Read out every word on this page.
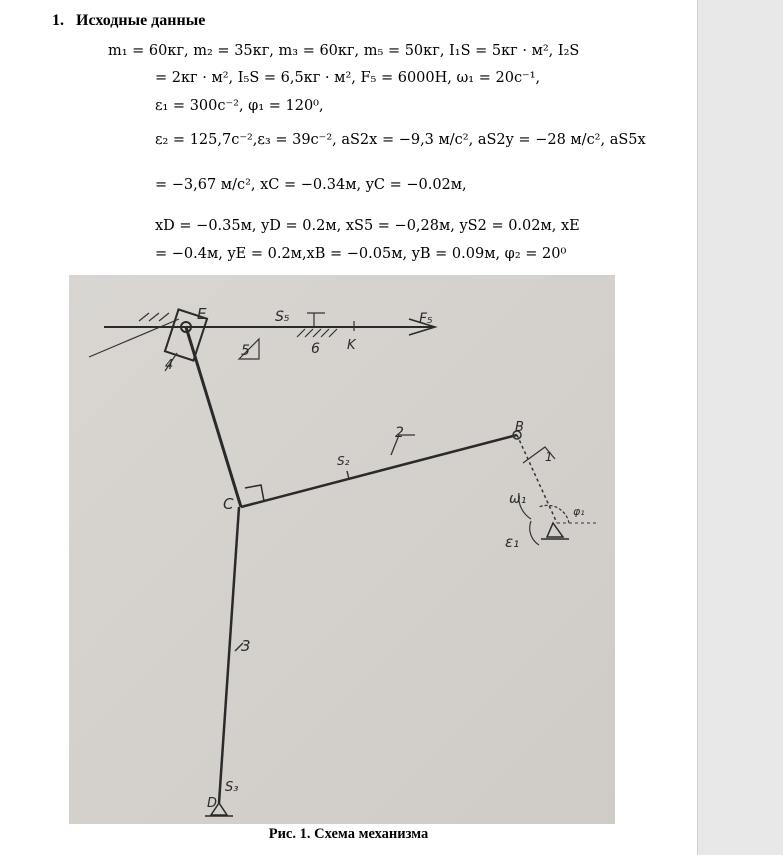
1. Исходные данные
m₁ = 60кг, m₂ = 35кг, m₃ = 60кг, m₅ = 50кг, I₁S = 5кг · м², I₂S
= 2кг · м², I₅S = 6,5кг · м², F₅ = 6000Н, ω₁ = 20с⁻¹,
ε₁ = 300с⁻², φ₁ = 120⁰,
ε₂ = 125,7c⁻²,ε₃ = 39c⁻², aS2x = −9,3 м/с², aS2y = −28 м/с², aS5x
= −3,67 м/с², xC = −0.34м, yC = −0.02м,
xD = −0.35м, yD = 0.2м, xS5 = −0,28м, yS2 = 0.02м, xE
= −0.4м, yE = 0.2м,xB = −0.05м, yB = 0.09м, φ₂ = 20⁰
E	S₅	F₅
6 K
5
4
2
S₂
B
1
ω₁
φ₁
ε₁
C
3
S₃
D
Рис. 1. Схема механизма
